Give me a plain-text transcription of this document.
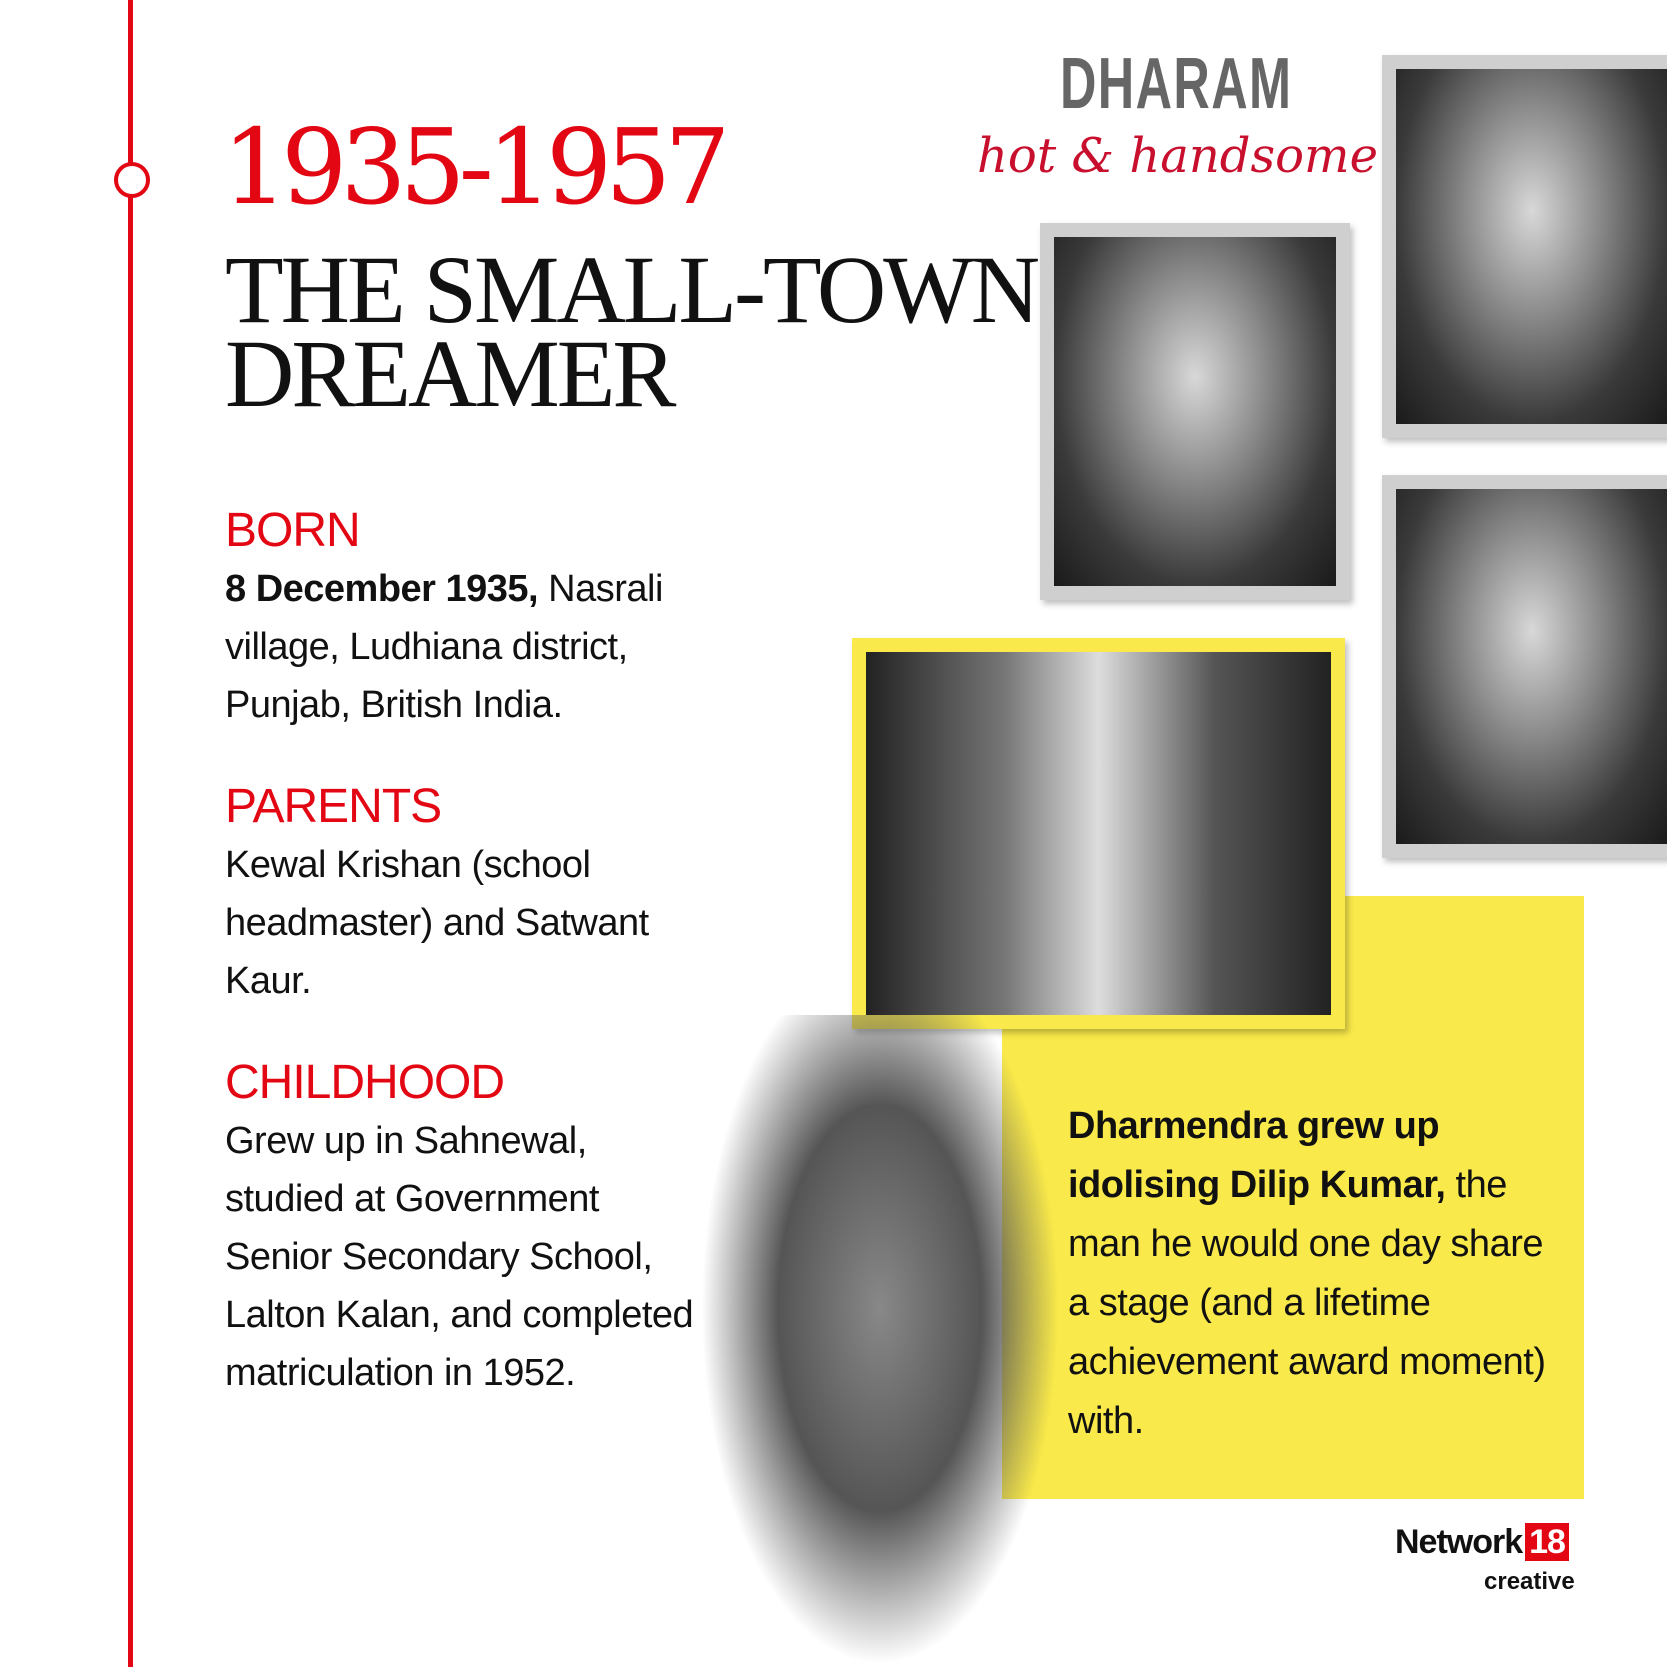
1935-1957
THE SMALL-TOWN
DREAMER
BORN

8 December 1935, Nasrali village, Ludhiana district, Punjab, British India.

PARENTS

Kewal Krishan (school headmaster) and Satwant Kaur.

CHILDHOOD

Grew up in Sahnewal, studied at Government Senior Secondary School, Lalton Kalan, and completed matriculation in 1952.

DHARAM
hot & handsome
Dharmendra grew up idolising Dilip Kumar, the man he would one day share a stage (and a lifetime achievement award moment) with.
Network 18
creative
